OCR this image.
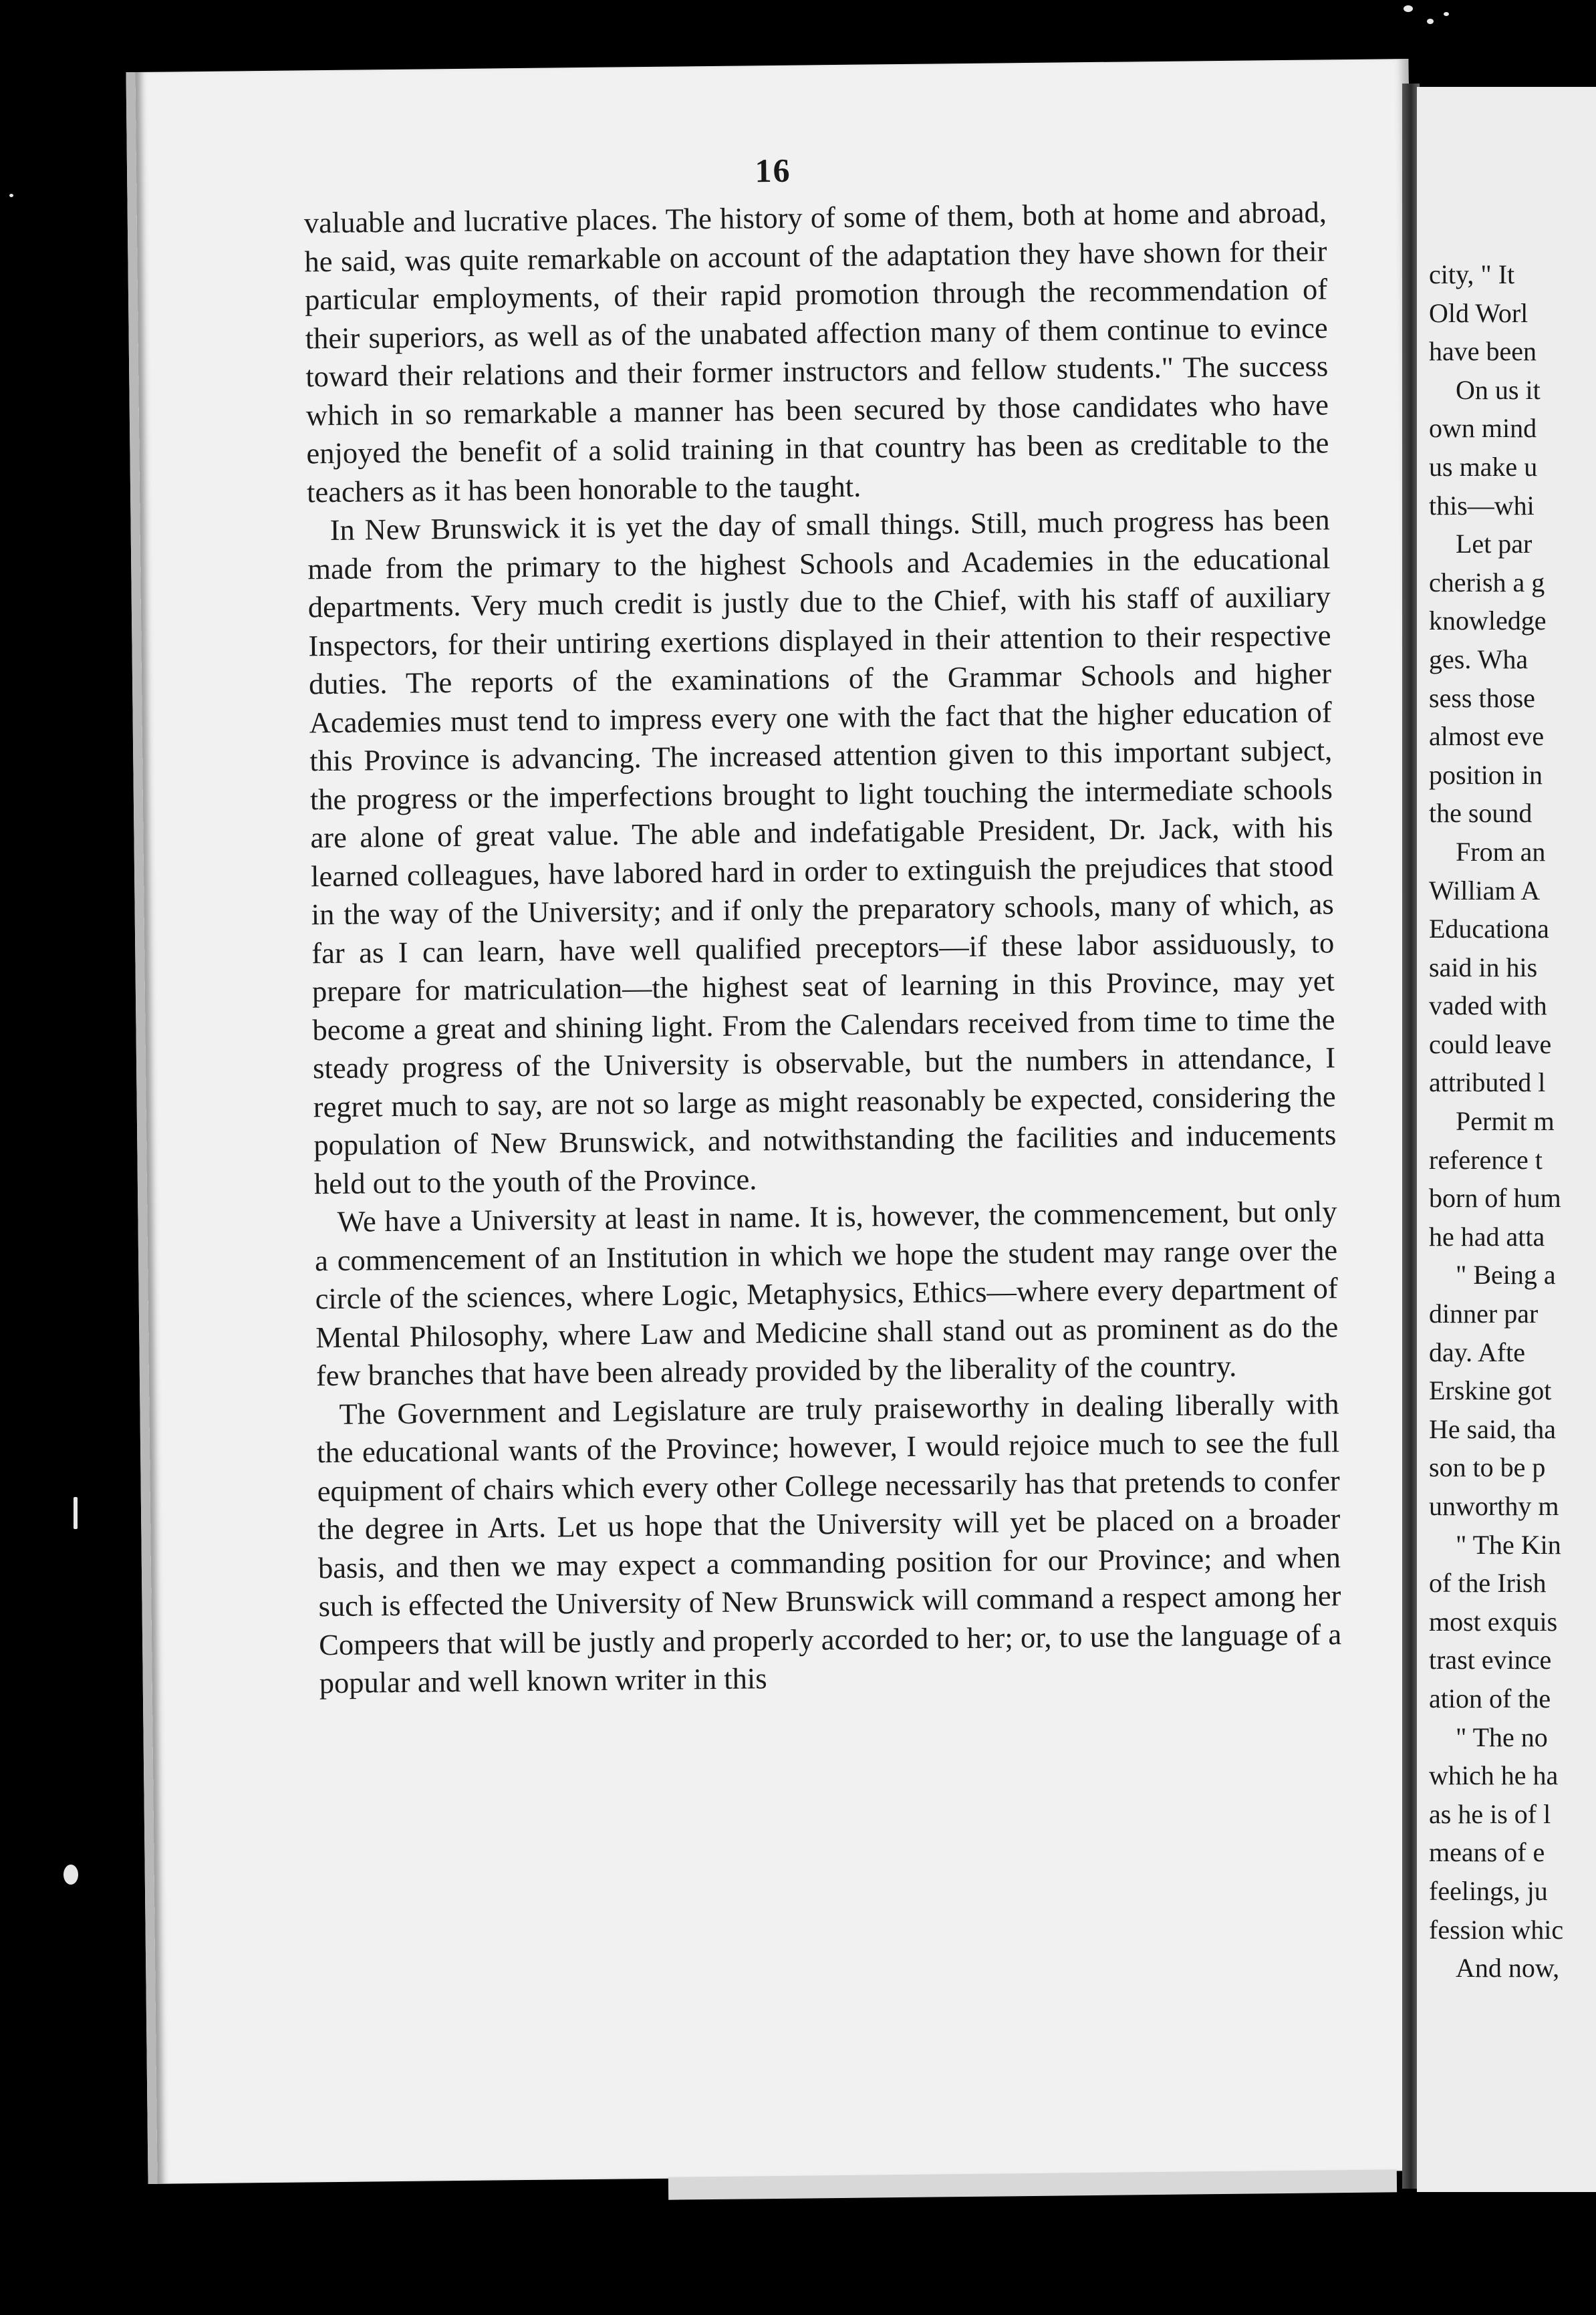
16

valuable and lucrative places. The history of some of them, both at home and abroad, he said, was quite remarkable on account of the adaptation they have shown for their particular employments, of their rapid promotion through the recommendation of their superiors, as well as of the unabated affection many of them continue to evince toward their relations and their former instructors and fellow students." The success which in so remarkable a manner has been secured by those candidates who have enjoyed the benefit of a solid training in that country has been as creditable to the teachers as it has been honorable to the taught.

In New Brunswick it is yet the day of small things. Still, much progress has been made from the primary to the highest Schools and Academies in the educational departments. Very much credit is justly due to the Chief, with his staff of auxiliary Inspectors, for their untiring exertions displayed in their attention to their respective duties. The reports of the examinations of the Grammar Schools and higher Academies must tend to impress every one with the fact that the higher education of this Province is advancing. The increased attention given to this important subject, the progress or the imperfections brought to light touching the intermediate schools are alone of great value. The able and indefatigable President, Dr. Jack, with his learned colleagues, have labored hard in order to extinguish the prejudices that stood in the way of the University; and if only the preparatory schools, many of which, as far as I can learn, have well qualified preceptors—if these labor assiduously, to prepare for matriculation—the highest seat of learning in this Province, may yet become a great and shining light. From the Calendars received from time to time the steady progress of the University is observable, but the numbers in attendance, I regret much to say, are not so large as might reasonably be expected, considering the population of New Brunswick, and notwithstanding the facilities and inducements held out to the youth of the Province.

We have a University at least in name. It is, however, the commencement, but only a commencement of an Institution in which we hope the student may range over the circle of the sciences, where Logic, Metaphysics, Ethics—where every department of Mental Philosophy, where Law and Medicine shall stand out as prominent as do the few branches that have been already provided by the liberality of the country.

The Government and Legislature are truly praiseworthy in dealing liberally with the educational wants of the Province; however, I would rejoice much to see the full equipment of chairs which every other College necessarily has that pretends to confer the degree in Arts. Let us hope that the University will yet be placed on a broader basis, and then we may expect a commanding position for our Province; and when such is effected the University of New Brunswick will command a respect among her Compeers that will be justly and properly accorded to her; or, to use the language of a popular and well known writer in this

city, " It
Old Worl
have been
On us it
own mind
us make u
this—whi
Let par
cherish a g
knowledge
ges. Wha
sess those
almost eve
position in
the sound
From an
William A
Educationa
said in his
vaded with
could leave
attributed l
Permit m
reference t
born of hum
he had atta
" Being a
dinner par
day. Afte
Erskine got
He said, tha
son to be p
unworthy m
" The Kin
of the Irish
most exquis
trast evince
ation of the
" The no
which he ha
as he is of l
means of e
feelings, ju
fession whic
And now,
